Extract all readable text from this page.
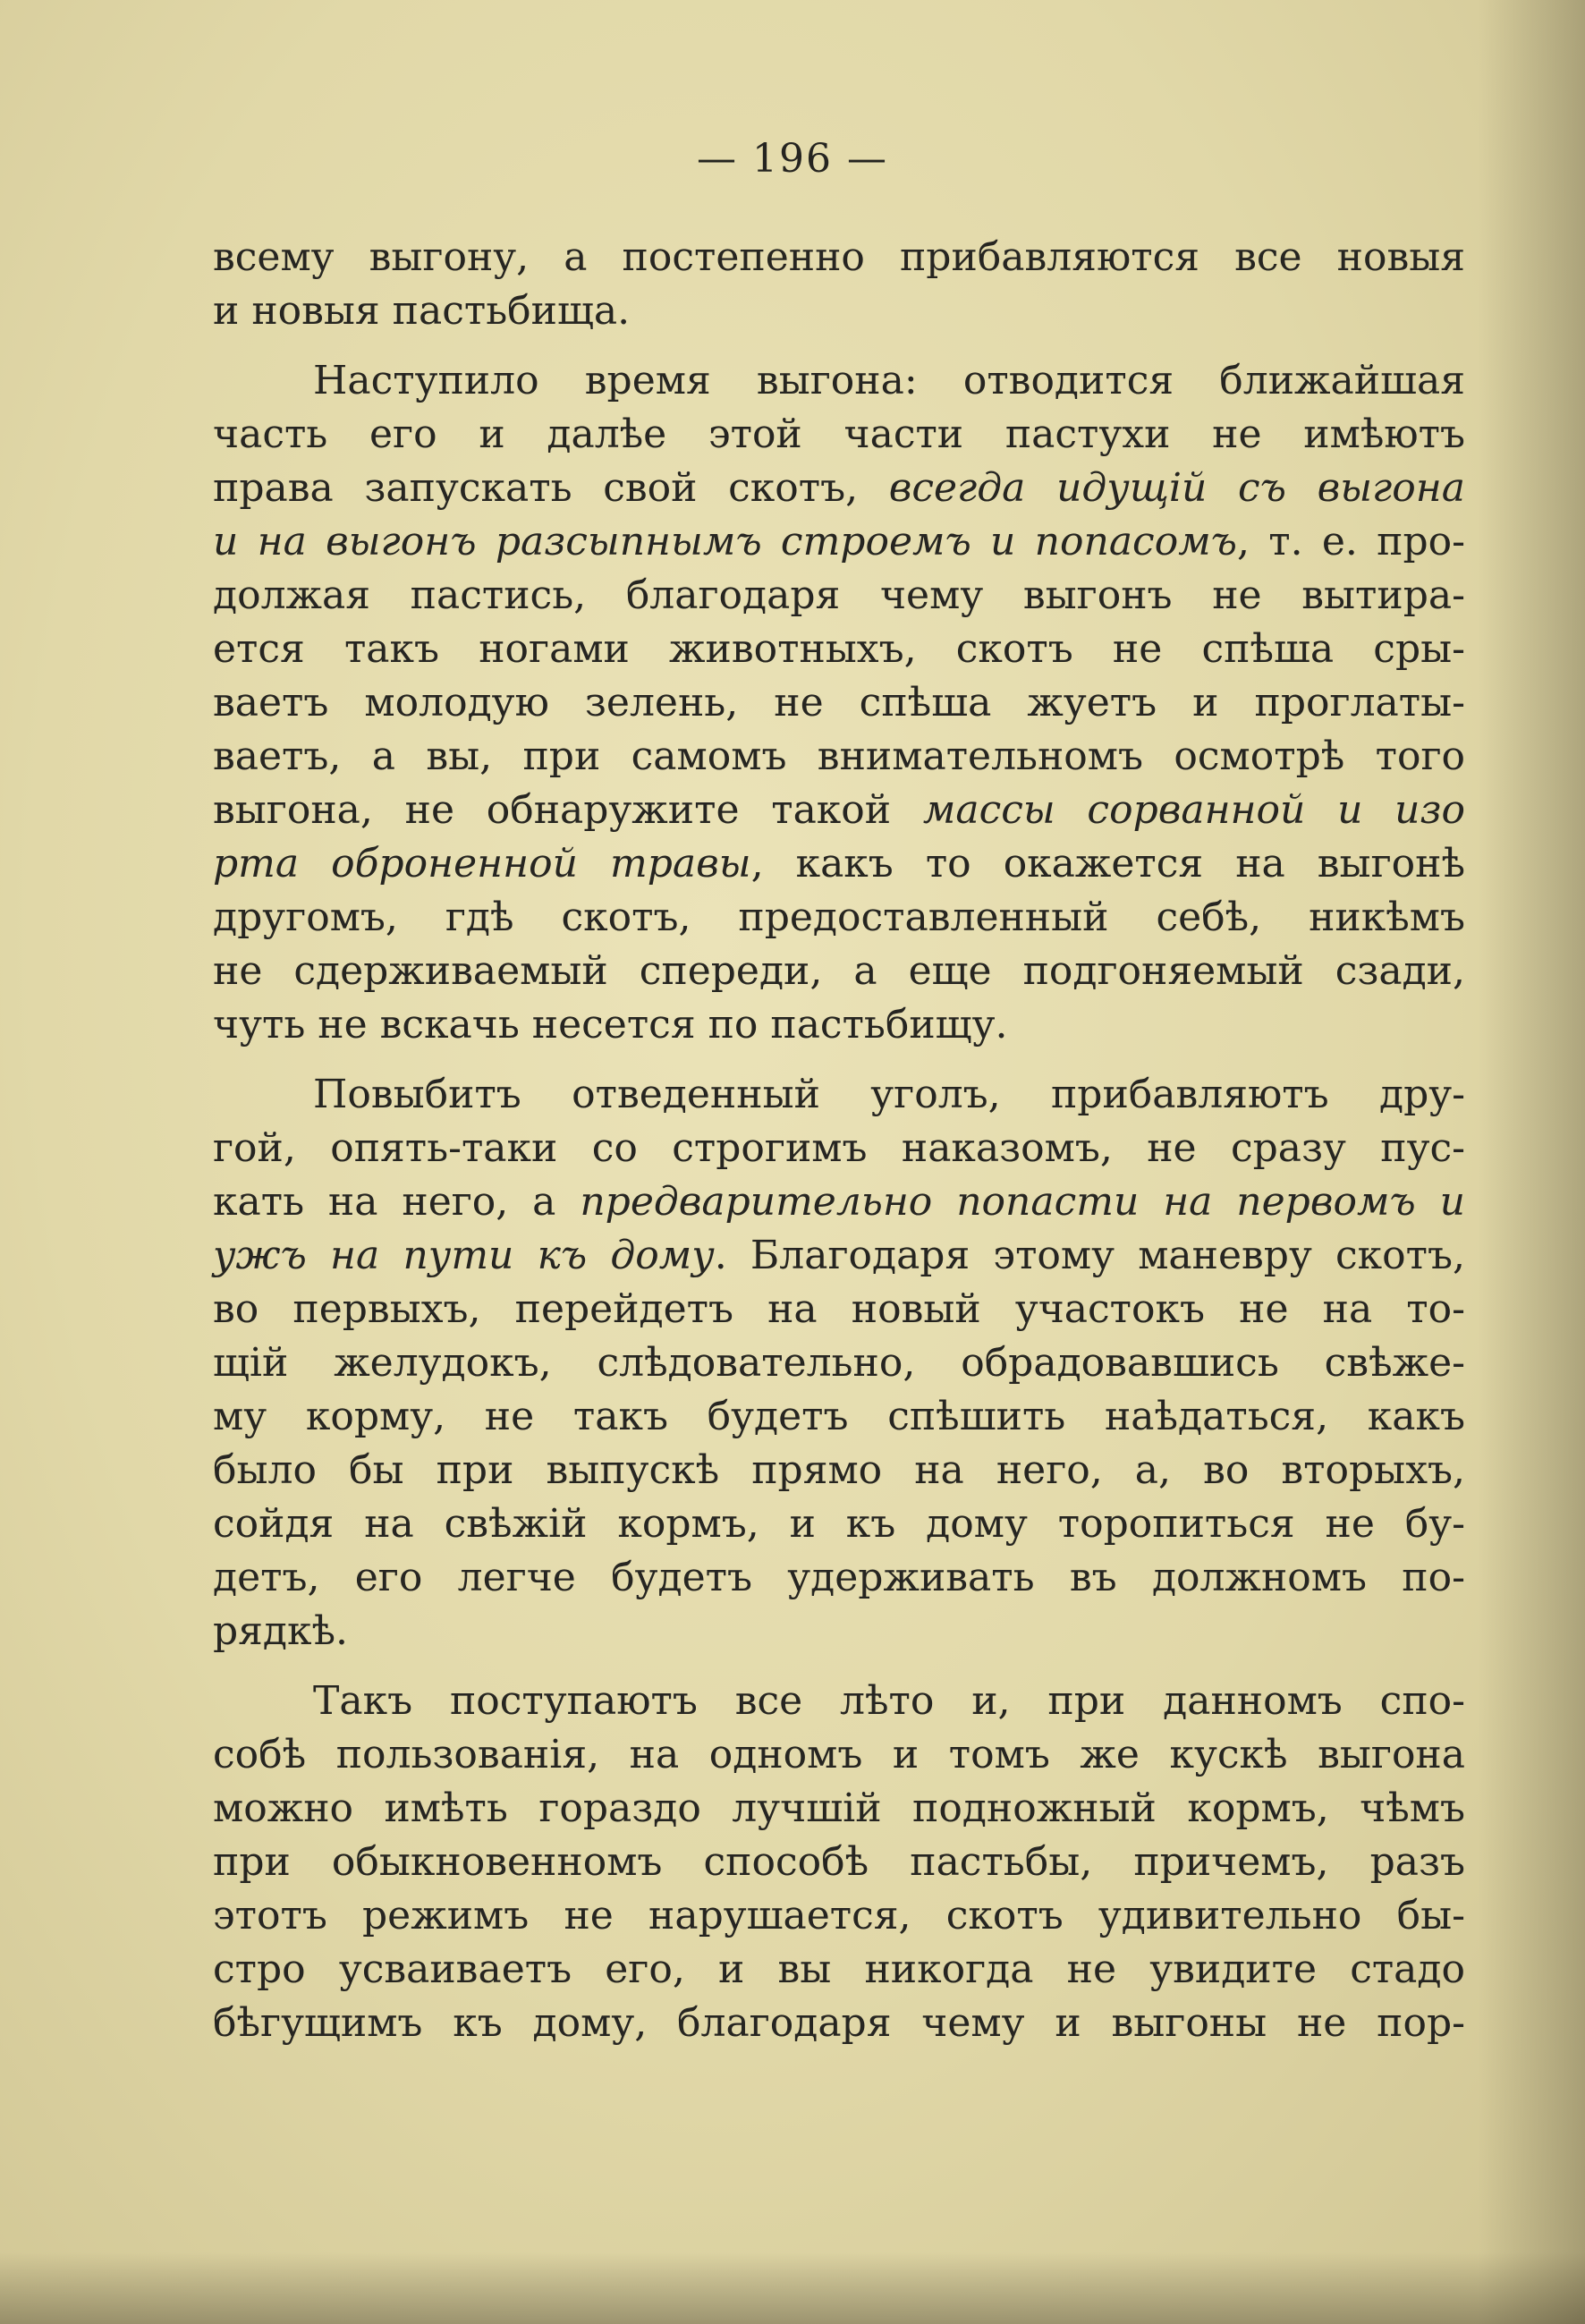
— 196 —
всему выгону, а постепенно прибавляются все новыя
и новыя пастьбища.
Наступило время выгона: отводится ближайшая
часть его и далѣе этой части пастухи не имѣютъ
права запускать свой скотъ, всегда идущій съ выгона
и на выгонъ разсыпнымъ строемъ и попасомъ, т. е. про-
должая пастись, благодаря чему выгонъ не вытира-
ется такъ ногами животныхъ, скотъ не спѣша сры-
ваетъ молодую зелень, не спѣша жуетъ и проглаты-
ваетъ, а вы, при самомъ внимательномъ осмотрѣ того
выгона, не обнаружите такой массы сорванной и изо
рта оброненной травы, какъ то окажется на выгонѣ
другомъ, гдѣ скотъ, предоставленный себѣ, никѣмъ
не сдерживаемый спереди, а еще подгоняемый сзади,
чуть не вскачь несется по пастьбищу.
Повыбитъ отведенный уголъ, прибавляютъ дру-
гой, опять-таки со строгимъ наказомъ, не сразу пус-
кать на него, а предварительно попасти на первомъ и
ужъ на пути къ дому. Благодаря этому маневру скотъ,
во первыхъ, перейдетъ на новый участокъ не на то-
щій желудокъ, слѣдовательно, обрадовавшись свѣже-
му корму, не такъ будетъ спѣшить наѣдаться, какъ
было бы при выпускѣ прямо на него, а, во вторыхъ,
сойдя на свѣжій кормъ, и къ дому торопиться не бу-
детъ, его легче будетъ удерживать въ должномъ по-
рядкѣ.
Такъ поступаютъ все лѣто и, при данномъ спо-
собѣ пользованія, на одномъ и томъ же кускѣ выгона
можно имѣть гораздо лучшій подножный кормъ, чѣмъ
при обыкновенномъ способѣ пастьбы, причемъ, разъ
этотъ режимъ не нарушается, скотъ удивительно бы-
стро усваиваетъ его, и вы никогда не увидите стадо
бѣгущимъ къ дому, благодаря чему и выгоны не пор-
